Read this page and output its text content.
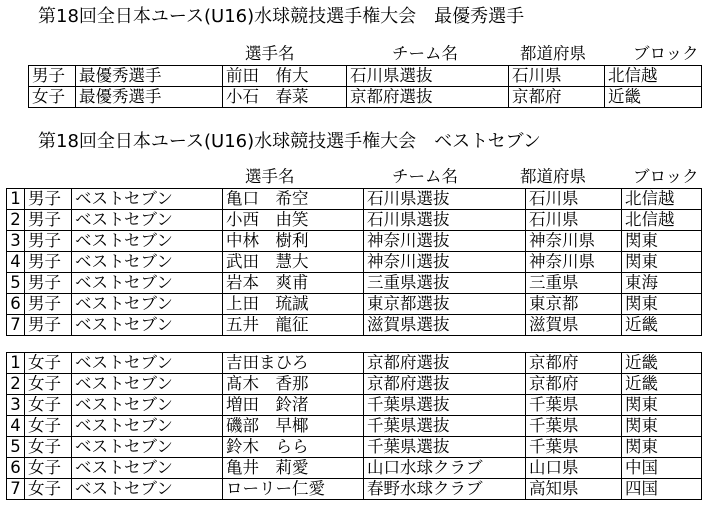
第18回全日本ユース(U16)水球競技選手権大会　最優秀選手
選手名	チーム名	都道府県	ブロック
男子	最優秀選手		前田　侑大	石川県選抜	石川県	北信越
女子	最優秀選手		小石　春菜	京都府選抜	京都府	近畿
第18回全日本ユース(U16)水球競技選手権大会　ベストセブン
選手名	チーム名	都道府県	ブロック
1	男子	ベストセブン		亀口　希空	石川県選抜	石川県	北信越
2	男子	ベストセブン		小西　由笑	石川県選抜	石川県	北信越
3	男子	ベストセブン		中林　樹利	神奈川選抜	神奈川県	関東
4	男子	ベストセブン		武田　慧大	神奈川選抜	神奈川県	関東
5	男子	ベストセブン		岩本　爽甫	三重県選抜	三重県	東海
6	男子	ベストセブン		上田　琉誠	東京都選抜	東京都	関東
7	男子	ベストセブン		五井　龍征	滋賀県選抜	滋賀県	近畿
1	女子	ベストセブン		吉田まひろ	京都府選抜	京都府	近畿
2	女子	ベストセブン		髙木　香那	京都府選抜	京都府	近畿
3	女子	ベストセブン		増田　鈴渚	千葉県選抜	千葉県	関東
4	女子	ベストセブン		磯部　早椰	千葉県選抜	千葉県	関東
5	女子	ベストセブン		鈴木　らら	千葉県選抜	千葉県	関東
6	女子	ベストセブン		亀井　莉愛	山口水球クラブ	山口県	中国
7	女子	ベストセブン		ローリー仁愛	春野水球クラブ	高知県	四国
